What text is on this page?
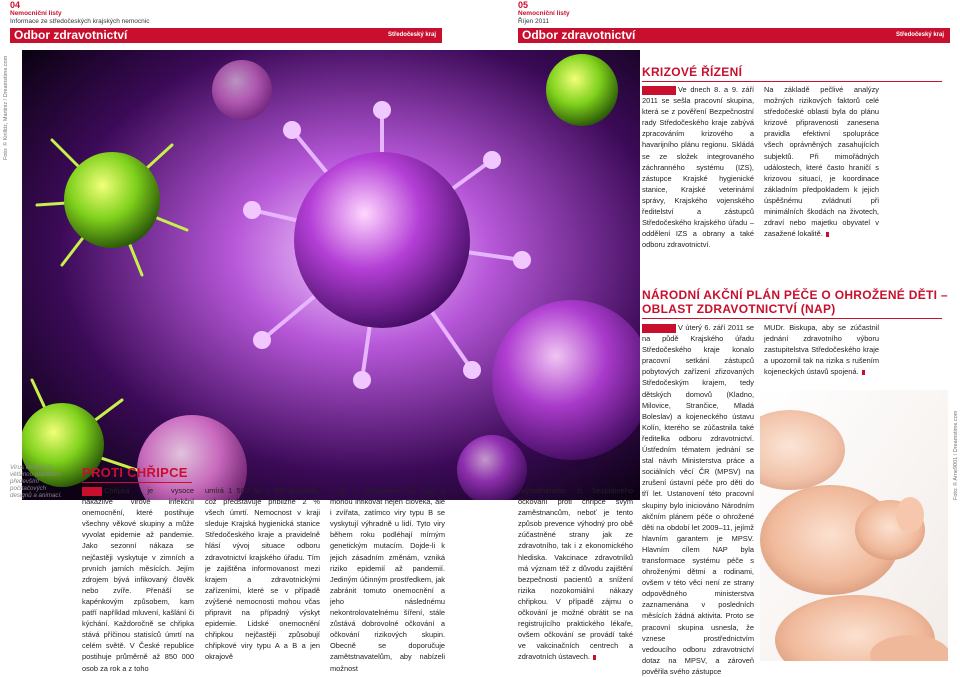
04
Nemocniční listy
Informace ze středočeských krajských nemocnic
Odbor zdravotnictví	Středočeský kraj
Foto: © Kirilldz, Martiniz / Dreamstime.com
Virus chřipky je většinou objektem především počítačových designů a animací.
PROTI CHŘIPCE
Chřipka je vysoce nakažlivé virové infekční onemocnění, které postihuje všechny věkové skupiny a může vyvolat epidemie až pandemie. Jako sezonní nákaza se nejčastěji vyskytuje v zimních a prvních jarních měsících. Jejím zdrojem bývá infikovaný člověk nebo zvíře. Přenáší se kapénkovým způsobem, kam patří například mluvení, kašlání či kýchání. Každoročně se chřipka stává příčinou statisíců úmrtí na celém světě. V České republice postihuje průměrně až 850 000 osob za rok a z toho
umírá 1 500 až 2 000 pacientů, což představuje přibližně 2 % všech úmrtí. Nemocnost v kraji sleduje Krajská hygienická stanice Středočeského kraje a pravidelně hlásí vývoj situace odboru zdravotnictví krajského úřadu. Tím je zajištěna informovanost mezi krajem a zdravotnickými zařízeními, které se v případě zvýšené nemocnosti mohou včas připravit na případný výskyt epidemie. Lidské onemocnění chřipkou nejčastěji způsobují chřipkové viry typu A a B a jen okrajově
i typ C. Chřipkové viry typu A mohou infikovat nejen člověka, ale i zvířata, zatímco viry typu B se vyskytují výhradně u lidí. Tyto viry během roku podléhají mírným genetickým mutacím. Dojde-li k jejich zásadním změnám, vzniká riziko epidemií až pandemií. Jediným účinným prostředkem, jak zabránit tomuto onemocnění a jeho následnému nekontrolovatelnému šíření, stále zůstává dobrovolné očkování a očkování rizikových skupin. Obecně se doporučuje zamětstnavatelům, aby nabízeli možnost
zvýhodněného či bezplatného očkování proti chřipce svým zaměstnancům, neboť je tento způsob prevence výhodný pro obě zúčastněné strany jak ze zdravotního, tak i z ekonomického hlediska. Vakcinace zdravotníků má význam též z důvodu zajištění bezpečnosti pacientů a snížení rizika nozokomiální nákazy chřipkou. V případě zájmu o očkování je možné obrátit se na registrujícího praktického lékaře, ovšem očkování se provádí také ve vakcinačních centrech a zdravotních ústavech.
05
Nemocniční listy
Říjen 2011
Odbor zdravotnictví	Středočeský kraj
KRIZOVÉ ŘÍZENÍ
Ve dnech 8. a 9. září 2011 se sešla pracovní skupina, která se z pověření Bezpečnostní rady Středočeského kraje zabývá zpracováním krizového a havarijního plánu regionu. Skládá se ze složek integrovaného záchranného systému (IZS), zástupce Krajské hygienické stanice, Krajské veterinární správy, Krajského vojenského ředitelství a zástupců Středočeského krajského úřadu – oddělení IZS a obrany a také odboru zdravotnictví.
Na základě pečlivé analýzy možných rizikových faktorů celé středočeské oblasti byla do plánu krizové připravenosti zanesena pravidla efektivní spolupráce všech oprávněných zasahujících subjektů. Při mimořádných událostech, které často hraničí s krizovou situací, je koordinace základním předpokladem k jejich úspěšnému zvládnutí při minimálních škodách na životech, zdraví nebo majetku obyvatel v zasažené lokalitě.
NÁRODNÍ AKČNÍ PLÁN PÉČE O OHROŽENÉ DĚTI –
OBLAST ZDRAVOTNICTVÍ (NAP)
V úterý 6. září 2011 se na půdě Krajského úřadu Středočeského kraje konalo pracovní setkání zástupců pobytových zařízení zřizovaných Středočeským krajem, tedy dětských domovů (Kladno, Milovice, Strančice, Mladá Boleslav) a kojeneckého ústavu Kolín, kterého se zúčastnila také ředitelka odboru zdravotnictví. Ústředním tématem jednání se stal návrh Ministerstva práce a sociálních věcí ČR (MPSV) na zrušení ústavní péče pro děti do tří let. Ustanovení této pracovní skupiny bylo iniciováno Národním akčním plánem péče o ohrožené děti na období let 2009–11, jejímž hlavním garantem je MPSV. Hlavním cílem NAP byla transformace systému péče s ohroženými dětmi a rodinami, ovšem v této věci není ze strany odpovědného ministerstva zaznamenána v posledních měsících žádná aktivita. Proto se pracovní skupina usnesla, že vznese prostřednictvím vedoucího odboru zdravotnictví dotaz na MPSV, a zároveň pověřila svého zástupce
MUDr. Biskupa, aby se zúčastnil jednání zdravotního výboru zastupitelstva Středočeského kraje a upozornil tak na rizika s rušením kojeneckých ústavů spojená.
Foto: © Arne9001 / Dreamstime.com
